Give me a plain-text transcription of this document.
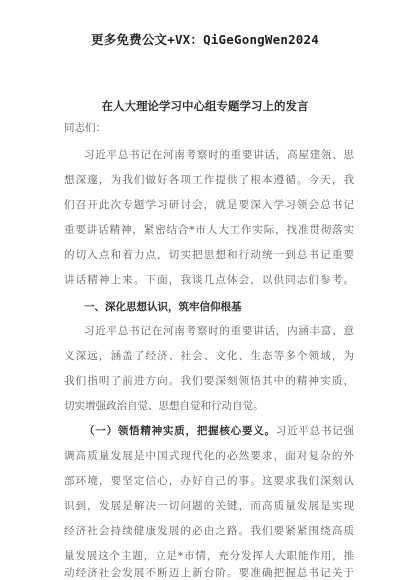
更多免费公文+VX：QiGeGongWen2024
在人大理论学习中心组专题学习上的发言
同志们：
习近平总书记在河南考察时的重要讲话，高屋建瓴、思
想深邃，为我们做好各项工作提供了根本遵循。今天，我
们召开此次专题学习研讨会，就是要深入学习领会总书记
重要讲话精神，紧密结合*市人大工作实际，找准贯彻落实
的切入点和着力点，切实把思想和行动统一到总书记重要
讲话精神上来。下面，我谈几点体会，以供同志们参考。
一、深化思想认识，筑牢信仰根基
习近平总书记在河南考察时的重要讲话，内涵丰富、意
义深远，涵盖了经济、社会、文化、生态等多个领域，为
我们指明了前进方向。我们要深刻领悟其中的精神实质，
切实增强政治自觉、思想自觉和行动自觉。
（一）领悟精神实质，把握核心要义。习近平总书记强
调高质量发展是中国式现代化的必然要求，面对复杂的外
部环境，要坚定信心，办好自己的事。这要求我们深刻认
识到，发展是解决一切问题的关键，而高质量发展是实现
经济社会持续健康发展的必由之路。我们要紧紧围绕高质
量发展这个主题，立足*市情，充分发挥人大职能作用，推
动经济社会发展不断迈上新台阶。要准确把握总书记关于
